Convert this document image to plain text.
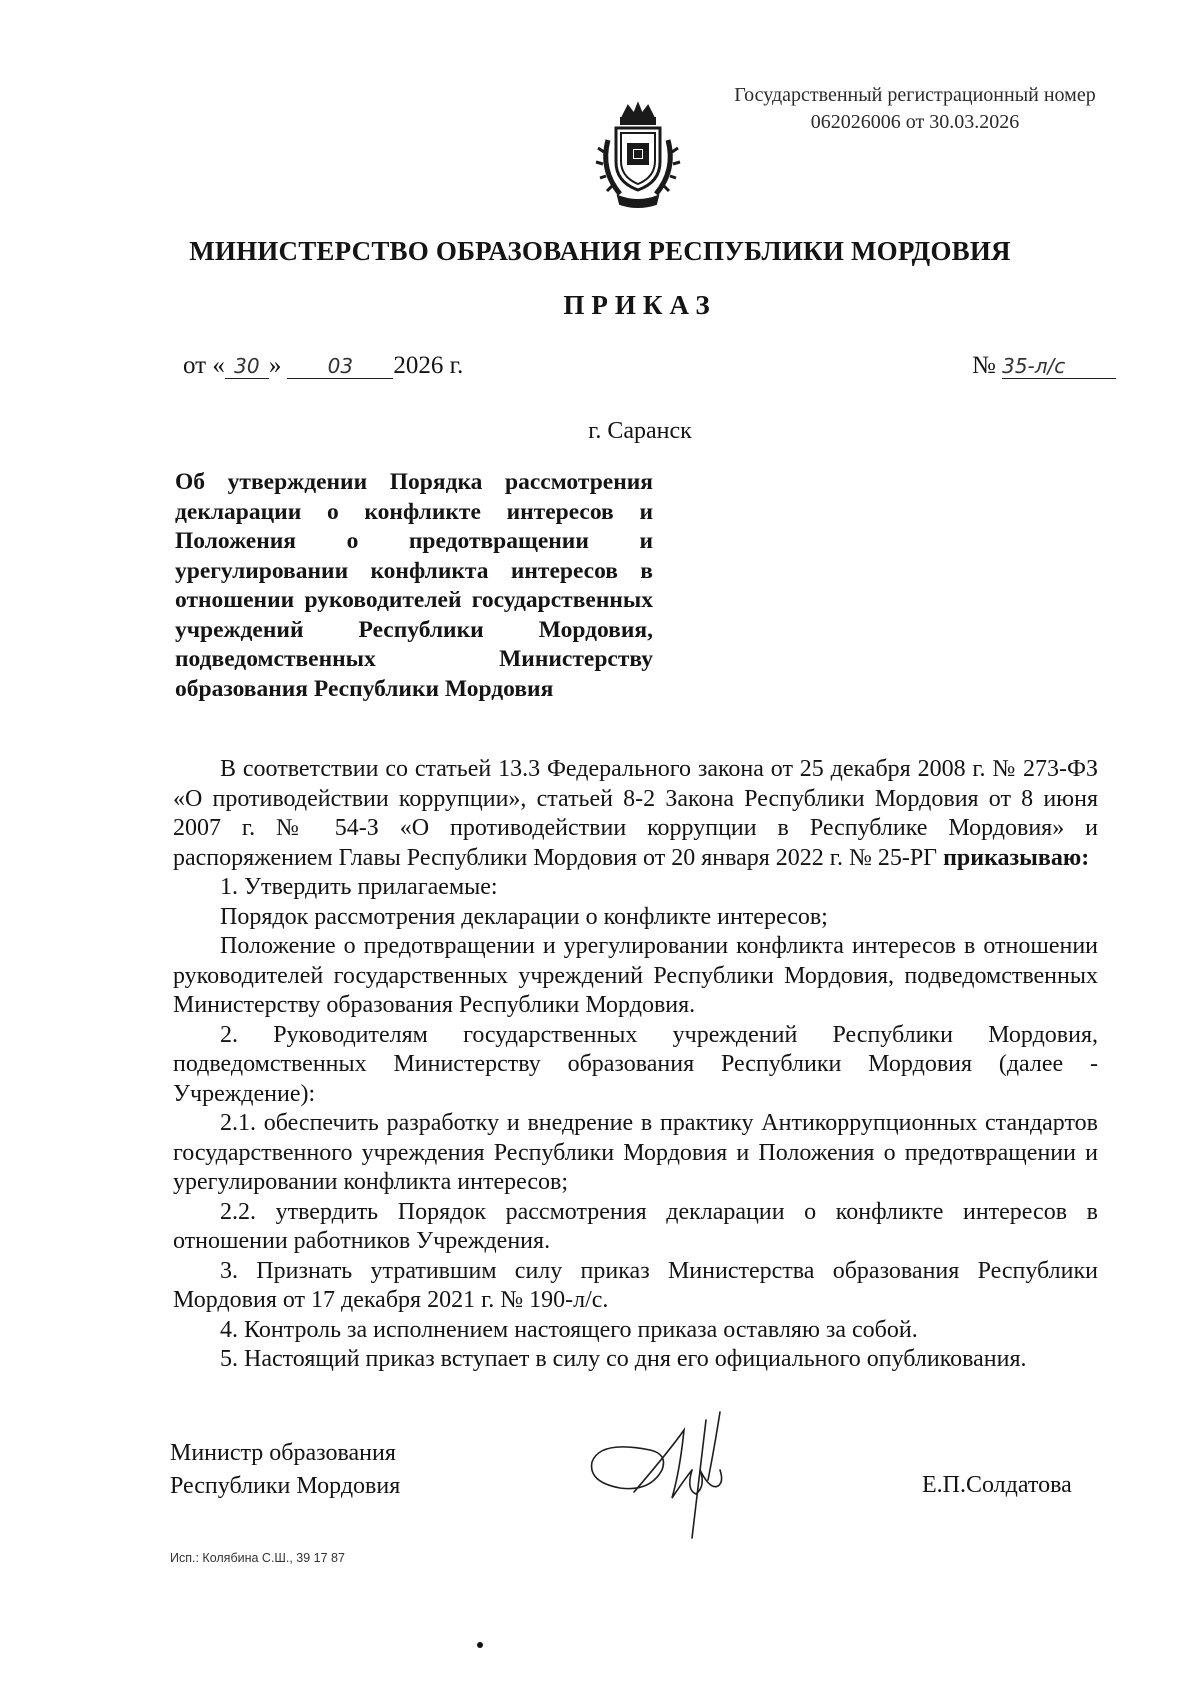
Государственный регистрационный номер
062026006 от 30.03.2026
МИНИСТЕРСТВО ОБРАЗОВАНИЯ РЕСПУБЛИКИ МОРДОВИЯ
ПРИКАЗ
от « 30 » 03 2026 г.	№ 35-л/с
г. Саранск
Об утверждении Порядка рассмотрения декларации о конфликте интересов и Положения о предотвращении и урегулировании конфликта интересов в отношении руководителей государственных учреждений Республики Мордовия, подведомственных Министерству образования Республики Мордовия

В соответствии со статьей 13.3 Федерального закона от 25 декабря 2008 г. № 273-ФЗ «О противодействии коррупции», статьей 8-2 Закона Республики Мордовия от 8 июня 2007 г. № 54-З «О противодействии коррупции в Республике Мордовия» и распоряжением Главы Республики Мордовия от 20 января 2022 г. № 25-РГ приказываю:

1. Утвердить прилагаемые:

Порядок рассмотрения декларации о конфликте интересов;

Положение о предотвращении и урегулировании конфликта интересов в отношении руководителей государственных учреждений Республики Мордовия, подведомственных Министерству образования Республики Мордовия.

2. Руководителям государственных учреждений Республики Мордовия, подведомственных Министерству образования Республики Мордовия (далее - Учреждение):

2.1. обеспечить разработку и внедрение в практику Антикоррупционных стандартов государственного учреждения Республики Мордовия и Положения о предотвращении и урегулировании конфликта интересов;

2.2. утвердить Порядок рассмотрения декларации о конфликте интересов в отношении работников Учреждения.

3. Признать утратившим силу приказ Министерства образования Республики Мордовия от 17 декабря 2021 г. № 190-л/с.

4. Контроль за исполнением настоящего приказа оставляю за собой.

5. Настоящий приказ вступает в силу со дня его официального опубликования.

Министр образования
Республики Мордовия	Е.П.Солдатова
Исп.: Колябина С.Ш., 39 17 87
